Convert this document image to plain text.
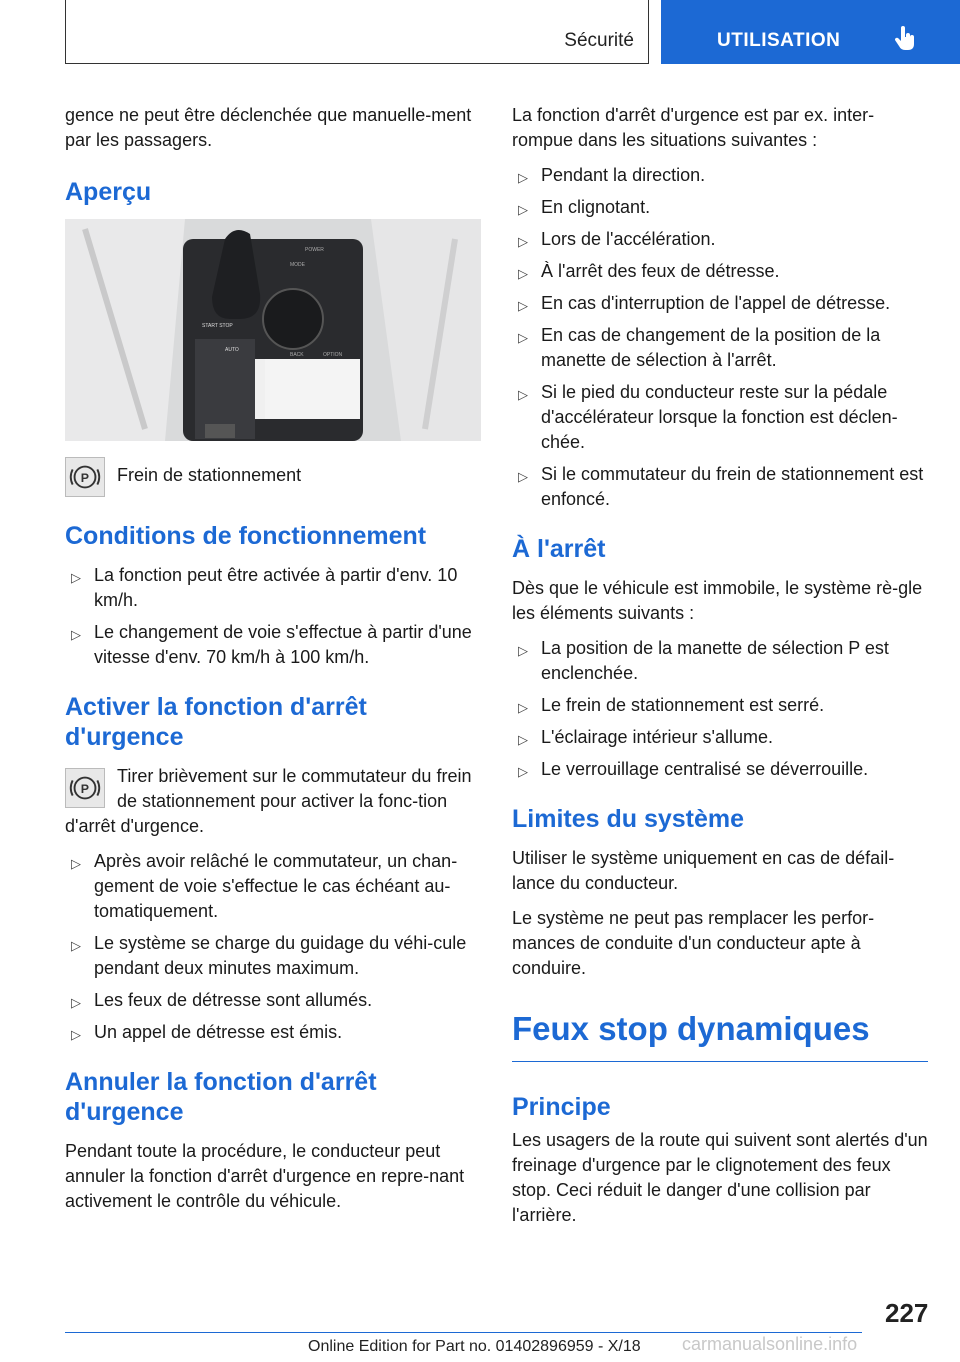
Sécurité	UTILISATION

gence ne peut être déclenchée que manuelle-ment par les passagers.

Aperçu
POWER
MODE
OPTION
BACK
START STOP
AUTO
P Frein de stationnement

Conditions de fonctionnement
▷ La fonction peut être activée à partir d'env. 10 km/h.
▷ Le changement de voie s'effectue à partir d'une vitesse d'env. 70 km/h à 100 km/h.
Activer la fonction d'arrêt d'urgence
P
Tirer brièvement sur le commutateur du frein de stationnement pour activer la fonc-tion d'arrêt d'urgence.
▷ Après avoir relâché le commutateur, un chan-gement de voie s'effectue le cas échéant au-tomatiquement.
▷ Le système se charge du guidage du véhi-cule pendant deux minutes maximum.
▷ Les feux de détresse sont allumés.
▷ Un appel de détresse est émis.
Annuler la fonction d'arrêt d'urgence

Pendant toute la procédure, le conducteur peut annuler la fonction d'arrêt d'urgence en repre-nant activement le contrôle du véhicule.

La fonction d'arrêt d'urgence est par ex. inter-rompue dans les situations suivantes :

▷ Pendant la direction.
▷ En clignotant.
▷ Lors de l'accélération.
▷ À l'arrêt des feux de détresse.
▷ En cas d'interruption de l'appel de détresse.
▷ En cas de changement de la position de la manette de sélection à l'arrêt.
▷ Si le pied du conducteur reste sur la pédale d'accélérateur lorsque la fonction est déclen-chée.
▷ Si le commutateur du frein de stationnement est enfoncé.
À l'arrêt

Dès que le véhicule est immobile, le système rè-gle les éléments suivants :

▷ La position de la manette de sélection P est enclenchée.
▷ Le frein de stationnement est serré.
▷ L'éclairage intérieur s'allume.
▷ Le verrouillage centralisé se déverrouille.
Limites du système

Utiliser le système uniquement en cas de défail-lance du conducteur.

Le système ne peut pas remplacer les perfor-mances de conduite d'un conducteur apte à conduire.

Feux stop dynamiques
Principe

Les usagers de la route qui suivent sont alertés d'un freinage d'urgence par le clignotement des feux stop. Ceci réduit le danger d'une collision par l'arrière.

227
carmanualsonline.info
Online Edition for Part no. 01402896959 - X/18
